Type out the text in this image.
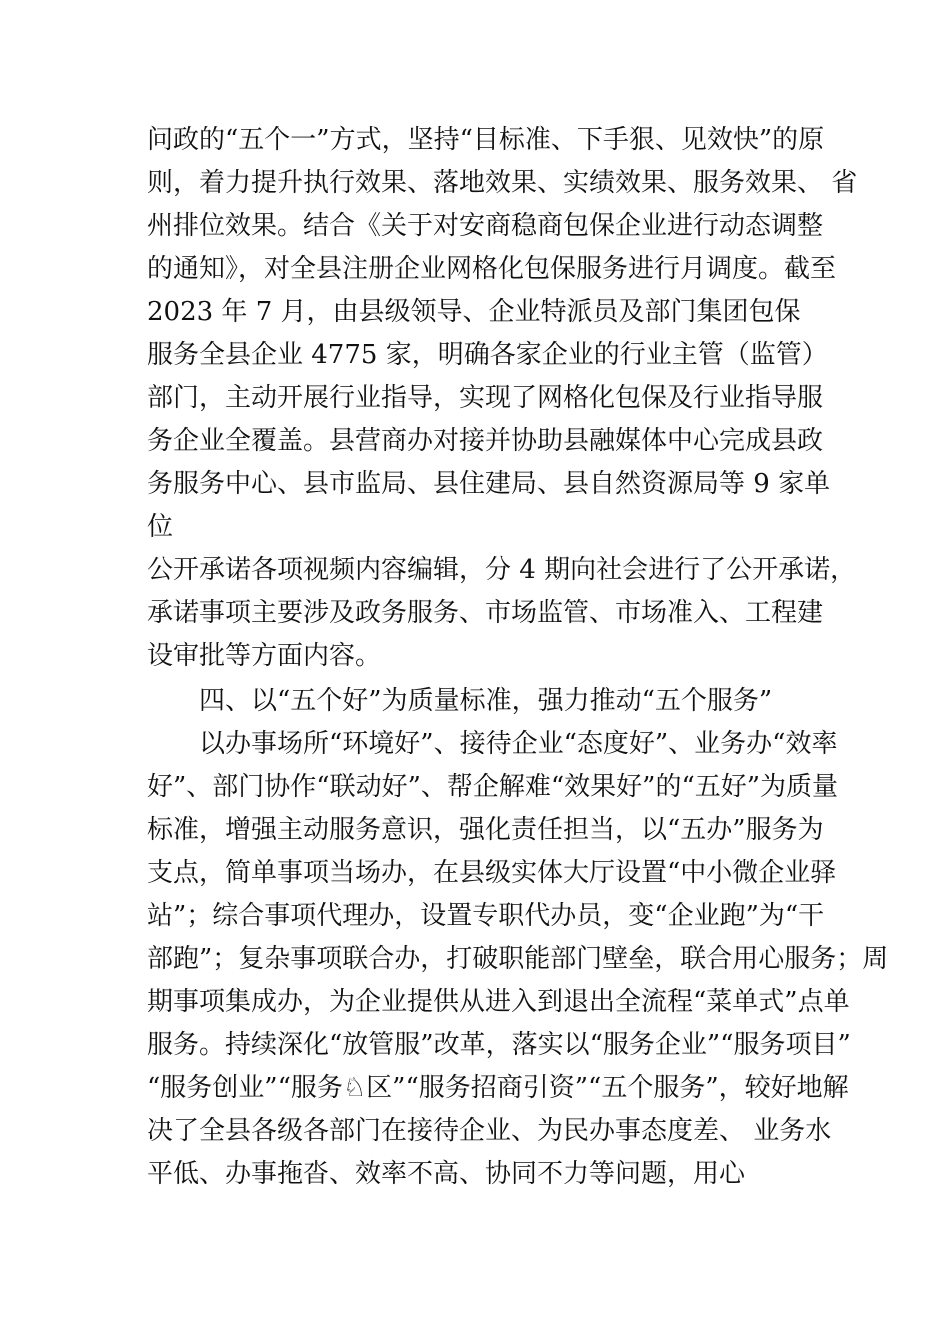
问政的“五个一”方式，坚持“目标准、下手狠、见效快”的原
则，着力提升执行效果、落地效果、实绩效果、服务效果、 省
州排位效果。结合《关于对安商稳商包保企业进行动态调整
的通知》，对全县注册企业网格化包保服务进行月调度。截至
2023 年 7 月，由县级领导、企业特派员及部门集团包保
服务全县企业 4775 家，明确各家企业的行业主管（监管）
部门，主动开展行业指导，实现了网格化包保及行业指导服
务企业全覆盖。县营商办对接并协助县融媒体中心完成县政
务服务中心、县市监局、县住建局、县自然资源局等 9 家单
位
公开承诺各项视频内容编辑，分 4 期向社会进行了公开承诺，
承诺事项主要涉及政务服务、市场监管、市场准入、工程建
设审批等方面内容。
四、以“五个好”为质量标准，强力推动“五个服务”
以办事场所“环境好”、接待企业“态度好”、业务办“效率
好”、部门协作“联动好”、帮企解难“效果好”的“五好”为质量
标准，增强主动服务意识，强化责任担当，以“五办”服务为
支点，简单事项当场办，在县级实体大厅设置“中小微企业驿
站”；综合事项代理办，设置专职代办员，变“企业跑”为“干
部跑”；复杂事项联合办，打破职能部门壁垒，联合用心服务；周
期事项集成办，为企业提供从进入到退出全流程“菜单式”点单
服务。持续深化“放管服”改革，落实以“服务企业”“服务项目”
“服务创业”“服务♘区”“服务招商引资”“五个服务”，较好地解
决了全县各级各部门在接待企业、为民办事态度差、 业务水
平低、办事拖沓、效率不高、协同不力等问题，用心
